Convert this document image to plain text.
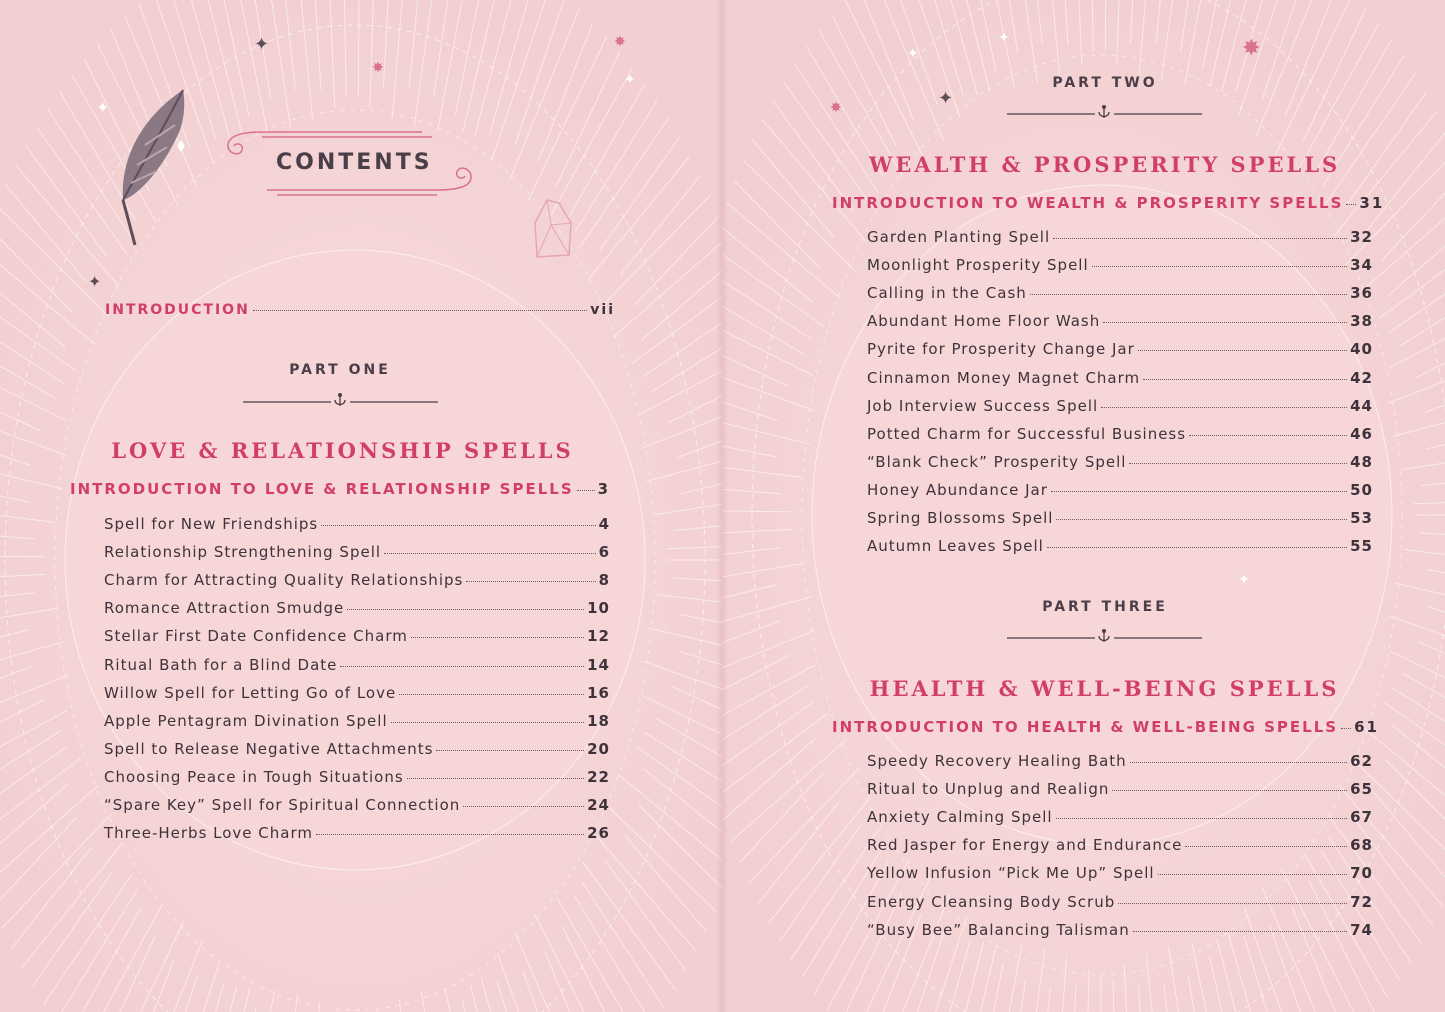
✦
✸
✸
✦
✦
✦
CONTENTS
INTRODUCTION	vii
PART ONE
LOVE & RELATIONSHIP SPELLS
INTRODUCTION TO LOVE & RELATIONSHIP SPELLS 3
Spell for New Friendships	4
Relationship Strengthening Spell	6
Charm for Attracting Quality Relationships	8
Romance Attraction Smudge	10
Stellar First Date Confidence Charm	12
Ritual Bath for a Blind Date	14
Willow Spell for Letting Go of Love	16
Apple Pentagram Divination Spell	18
Spell to Release Negative Attachments	20
Choosing Peace in Tough Situations	22
“Spare Key” Spell for Spiritual Connection	24
Three-Herbs Love Charm	26
✦
✸
✸
✦
✦
✦
PART TWO
WEALTH & PROSPERITY SPELLS
INTRODUCTION TO WEALTH & PROSPERITY SPELLS 31
Garden Planting Spell	32
Moonlight Prosperity Spell	34
Calling in the Cash	36
Abundant Home Floor Wash	38
Pyrite for Prosperity Change Jar	40
Cinnamon Money Magnet Charm	42
Job Interview Success Spell	44
Potted Charm for Successful Business	46
“Blank Check” Prosperity Spell	48
Honey Abundance Jar	50
Spring Blossoms Spell	53
Autumn Leaves Spell	55
PART THREE
HEALTH & WELL-BEING SPELLS
INTRODUCTION TO HEALTH & WELL-BEING SPELLS 61
Speedy Recovery Healing Bath	62
Ritual to Unplug and Realign	65
Anxiety Calming Spell	67
Red Jasper for Energy and Endurance	68
Yellow Infusion “Pick Me Up” Spell	70
Energy Cleansing Body Scrub	72
“Busy Bee” Balancing Talisman	74
